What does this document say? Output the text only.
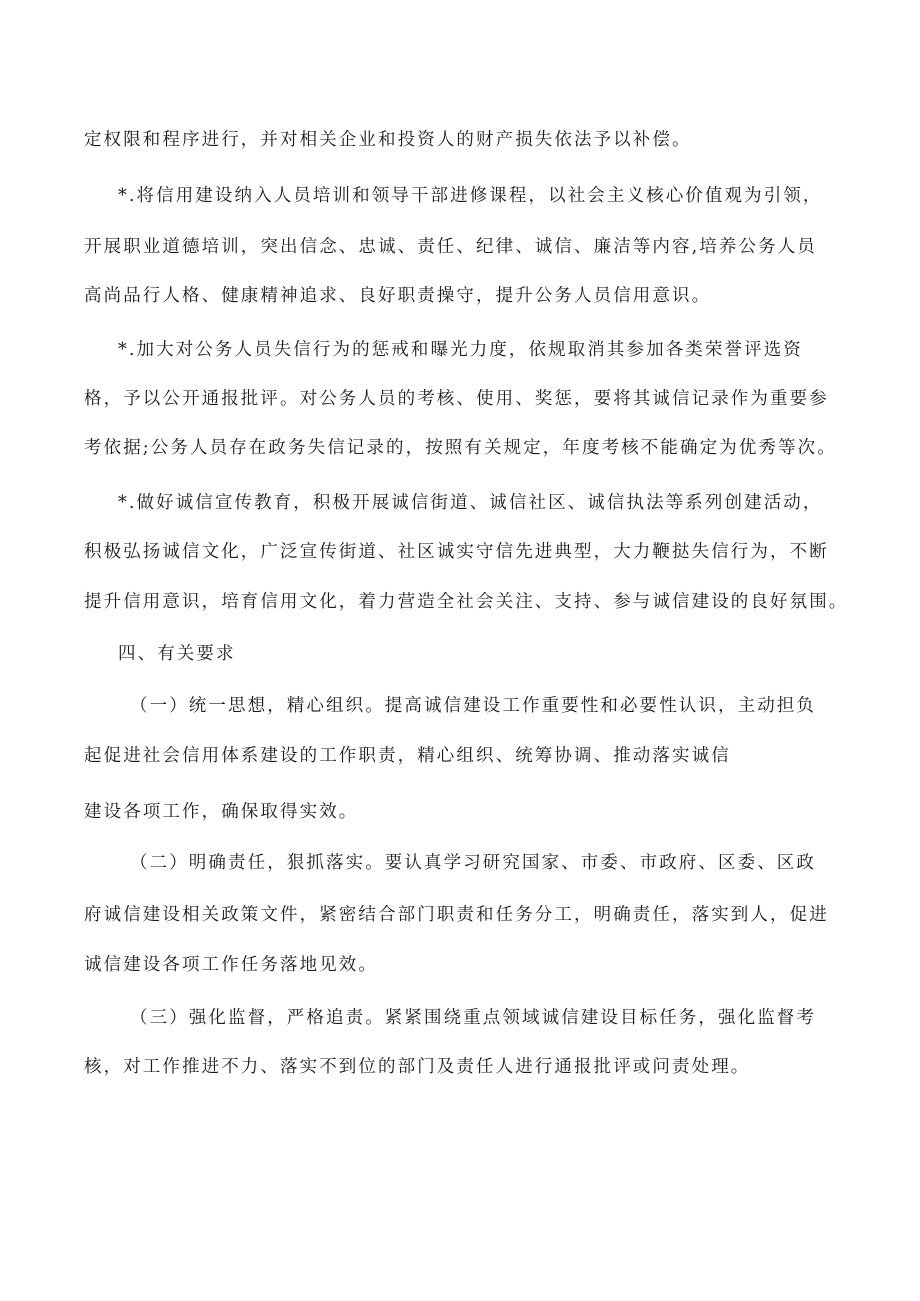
定权限和程序进行，并对相关企业和投资人的财产损失依法予以补偿。
*.将信用建设纳入人员培训和领导干部进修课程，以社会主义核心价值观为引领，
开展职业道德培训，突出信念、忠诚、责任、纪律、诚信、廉洁等内容,培养公务人员
高尚品行人格、健康精神追求、良好职责操守，提升公务人员信用意识。
*.加大对公务人员失信行为的惩戒和曝光力度，依规取消其参加各类荣誉评选资
格，予以公开通报批评。对公务人员的考核、使用、奖惩，要将其诚信记录作为重要参
考依据;公务人员存在政务失信记录的，按照有关规定，年度考核不能确定为优秀等次。
*.做好诚信宣传教育，积极开展诚信街道、诚信社区、诚信执法等系列创建活动，
积极弘扬诚信文化，广泛宣传街道、社区诚实守信先进典型，大力鞭挞失信行为，不断
提升信用意识，培育信用文化，着力营造全社会关注、支持、参与诚信建设的良好氛围。
四、有关要求
（一）统一思想，精心组织。提高诚信建设工作重要性和必要性认识，主动担负
起促进社会信用体系建设的工作职责，精心组织、统筹协调、推动落实诚信
建设各项工作，确保取得实效。
（二）明确责任，狠抓落实。要认真学习研究国家、市委、市政府、区委、区政
府诚信建设相关政策文件，紧密结合部门职责和任务分工，明确责任，落实到人，促进
诚信建设各项工作任务落地见效。
（三）强化监督，严格追责。紧紧围绕重点领域诚信建设目标任务，强化监督考
核，对工作推进不力、落实不到位的部门及责任人进行通报批评或问责处理。
